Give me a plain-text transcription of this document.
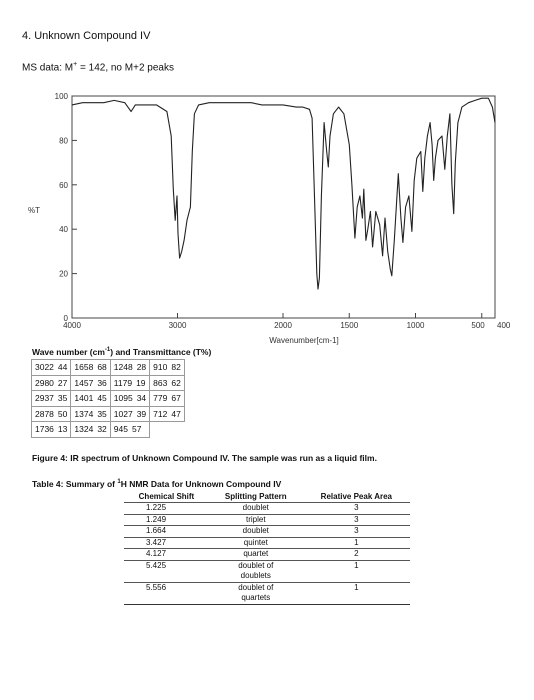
4. Unknown Compound IV
MS data: M+ = 142, no M+2 peaks
%T
Wavenumber[cm-1]
0
20
40
60
80
100
4000	3000	2000	1500	1000	500 400
Wave number $(cm^{-1})$ and Transmittance (T%)
3022 44	1658 68	1248 28	910 82
2980 27	1457 36	1179 19	863 62
2937 35	1401 45	1095 34	779 67
2878 50	1374 35	1027 39	712 47
1736 13	1324 32	945 57	
Figure 4: IR spectrum of Unknown Compound IV. The sample was run as a liquid film.
Table 4: Summary of $^1$H NMR Data for Unknown Compound IV
Chemical Shift	Splitting Pattern	Relative Peak Area
1.225	doublet	3
1.249	triplet	3
1.664	doublet	3
3.427	quintet	1
4.127	quartet	2
5.425	doublet of
doublets	1
5.556	doublet of
quartets	1
